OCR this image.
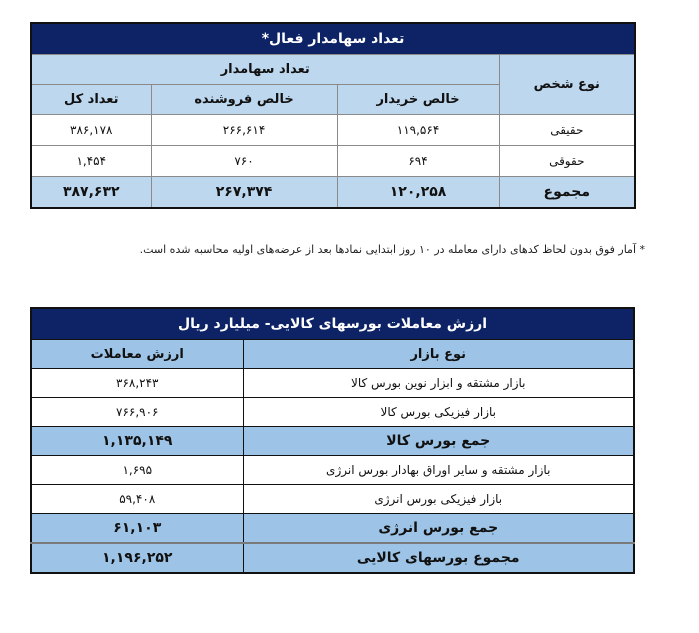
تعداد سهامدار فعال*			
نوع شخص	تعداد سهامدار		
	خالص خریدار	خالص فروشنده	تعداد کل
حقیقی	۱۱۹,۵۶۴	۲۶۶,۶۱۴	۳۸۶,۱۷۸
حقوقی	۶۹۴	۷۶۰	۱,۴۵۴
مجموع	۱۲۰,۲۵۸	۲۶۷,۳۷۴	۳۸۷,۶۳۲
* آمار فوق بدون لحاظ کدهای دارای معامله در ۱۰ روز ابتدایی نمادها بعد از عرضه‌های اولیه محاسبه شده است.
ارزش معاملات بورسهای کالایی- میلیارد ریال	
نوع بازار	ارزش معاملات
بازار مشتقه و ابزار نوین بورس کالا	۳۶۸,۲۴۳
بازار فیزیکی بورس کالا	۷۶۶,۹۰۶
جمع بورس کالا	۱,۱۳۵,۱۴۹
بازار مشتقه و سایر اوراق بهادار بورس انرژی	۱,۶۹۵
بازار فیزیکی بورس انرژی	۵۹,۴۰۸
جمع بورس انرژی	۶۱,۱۰۳
مجموع بورسهای کالایی	۱,۱۹۶,۲۵۲
